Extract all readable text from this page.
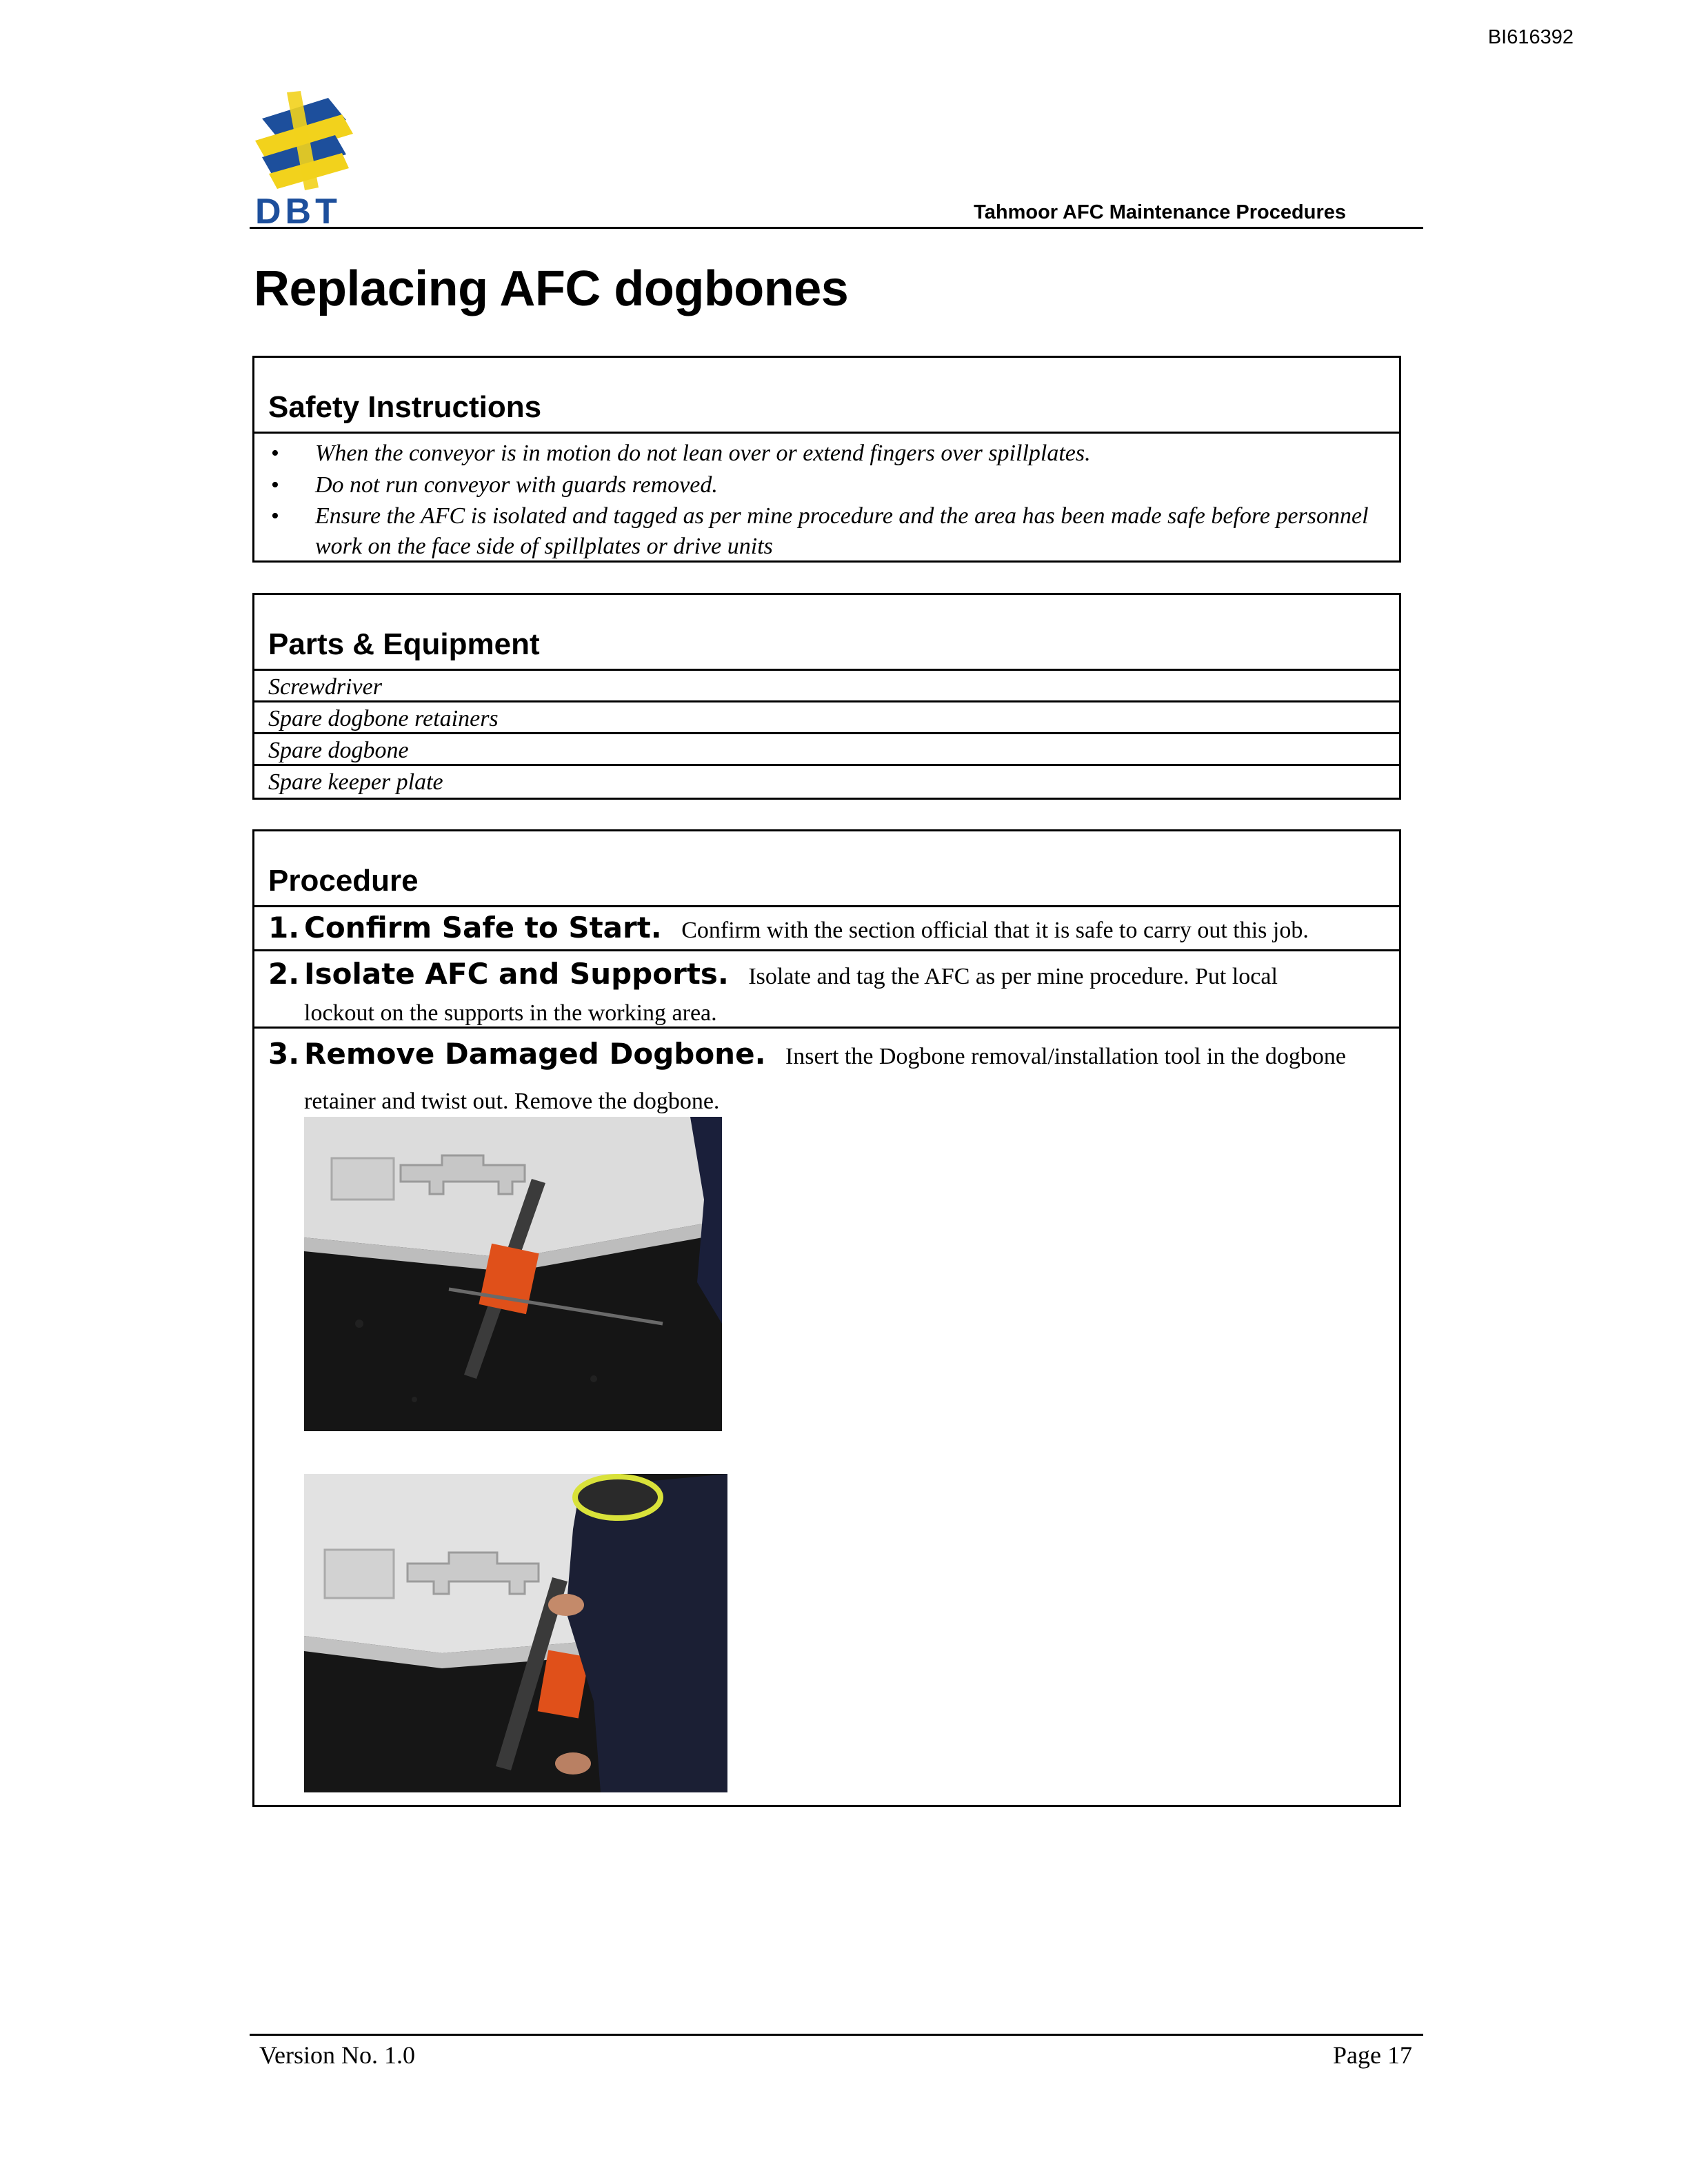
BI616392
DBT	Tahmoor AFC Maintenance Procedures
Replacing AFC dogbones
Safety Instructions
• When the conveyor is in motion do not lean over or extend fingers over spillplates.
• Do not run conveyor with guards removed.
• Ensure the AFC is isolated and tagged as per mine procedure and the area has been made safe before personnel work on the face side of spillplates or drive units
Parts & Equipment
Screwdriver
Spare dogbone retainers
Spare dogbone
Spare keeper plate
Procedure
1. Confirm Safe to Start. Confirm with the section official that it is safe to carry out this job.
2. Isolate AFC and Supports. Isolate and tag the AFC as per mine procedure. Put local
lockout on the supports in the working area.
3. Remove Damaged Dogbone. Insert the Dogbone removal/installation tool in the dogbone
retainer and twist out. Remove the dogbone.
Version No. 1.0	Page 17
